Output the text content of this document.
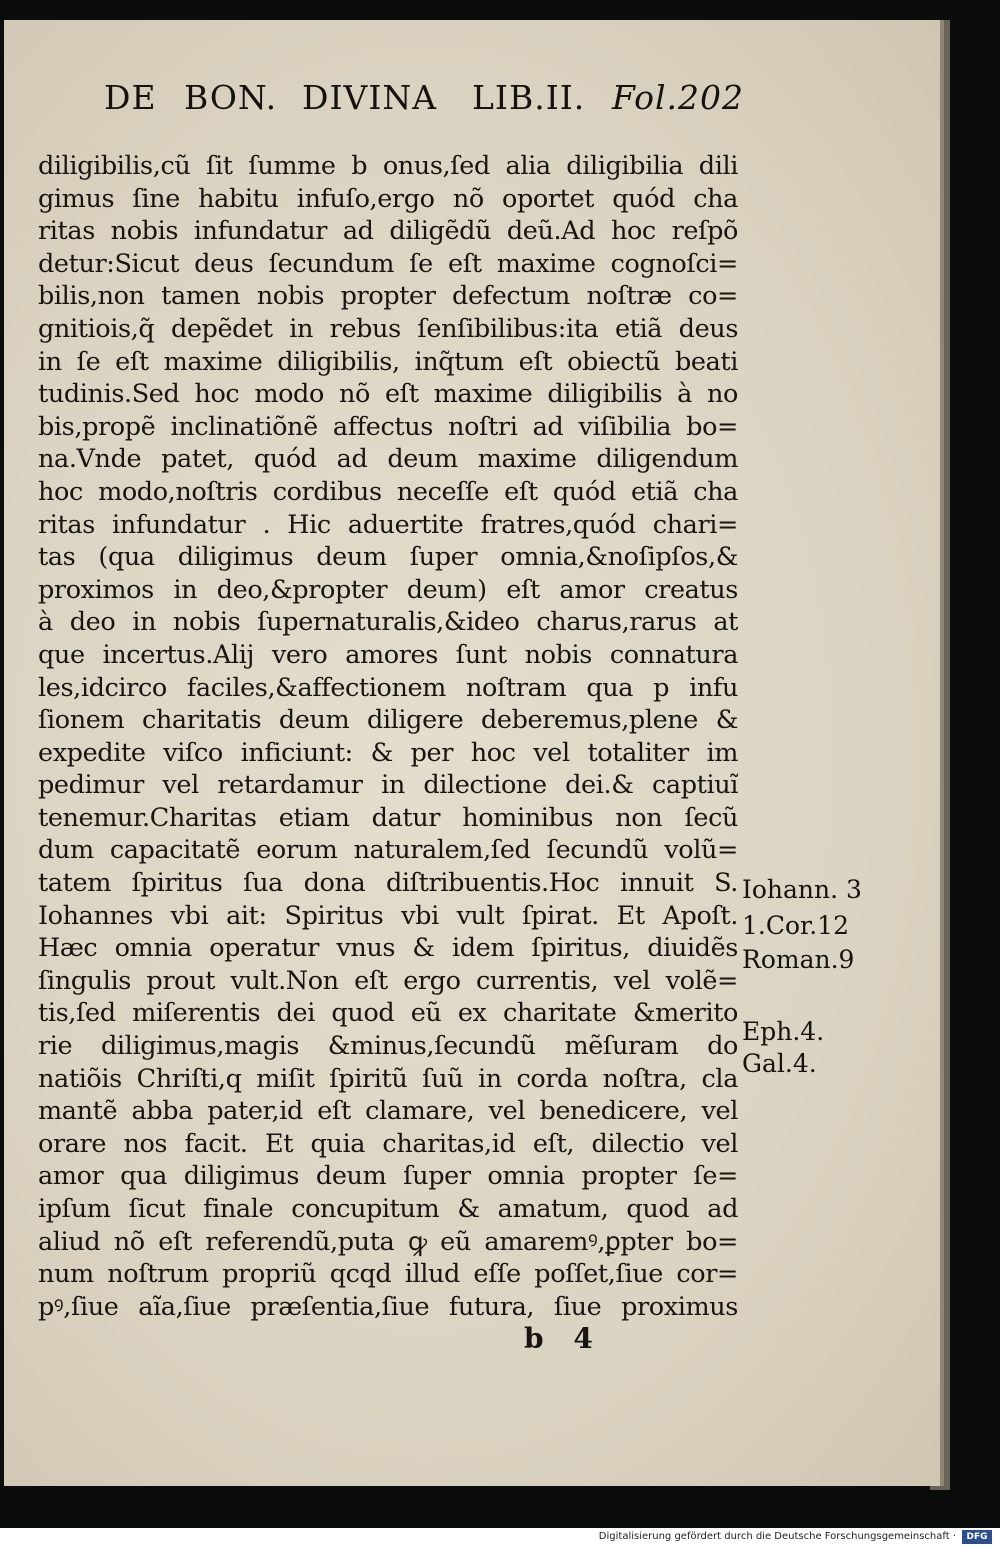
DE BON. DIVINA LIB.II. Fol.202
diligibilis,cũ ſit ſumme b onus,ſed alia diligibilia dili
gimus ſine habitu infuſo,ergo nõ oportet quód cha
ritas nobis infundatur ad diligẽdũ deũ.Ad hoc reſpõ
detur:Sicut deus ſecundum ſe eſt maxime cognoſci=
bilis,non tamen nobis propter defectum noſtræ co=
gnitiois,q̃ depẽdet in rebus ſenſibilibus:ita etiã deus
in ſe eſt maxime diligibilis, inq̃tum eſt obiectũ beati
tudinis.Sed hoc modo nõ eſt maxime diligibilis à no
bis,propẽ inclinatiõnẽ affectus noſtri ad viſibilia bo=
na.Vnde patet, quód ad deum maxime diligendum
hoc modo,noſtris cordibus neceſſe eſt quód etiã cha
ritas infundatur . Hic aduertite fratres,quód chari=
tas (qua diligimus deum ſuper omnia,&noſipſos,&
proximos in deo,&propter deum) eſt amor creatus
à deo in nobis ſupernaturalis,&ideo charus,rarus at
que incertus.Alij vero amores ſunt nobis connatura
les,idcirco faciles,&affectionem noſtram qua p infu
ſionem charitatis deum diligere deberemus,plene &
expedite viſco inficiunt: & per hoc vel totaliter im
pedimur vel retardamur in dilectione dei.& captiuĩ
tenemur.Charitas etiam datur hominibus non ſecũ
dum capacitatẽ eorum naturalem,ſed ſecundũ volũ=
tatem ſpiritus ſua dona diſtribuentis.Hoc innuit S.
Iohannes vbi ait: Spiritus vbi vult ſpirat. Et Apoſt.
Hæc omnia operatur vnus & idem ſpiritus, diuidẽs
ſingulis prout vult.Non eſt ergo currentis, vel volẽ=
tis,ſed miſerentis dei quod eũ ex charitate &merito
rie diligimus,magis &minus,ſecundũ mẽſuram do
natiõis Chriſti,q miſit ſpiritũ ſuũ in corda noſtra, cla
mantẽ abba pater,id eſt clamare, vel benedicere, vel
orare nos facit. Et quia charitas,id eſt, dilectio vel
amor qua diligimus deum ſuper omnia propter ſe=
ipſum ſicut finale concupitum & amatum, quod ad
aliud nõ eſt referendũ,puta ꝙ eũ amaremꝰ,ꝑpter bo=
num noſtrum propriũ qcqd illud eſſe poſſet,ſiue cor=
pꝰ,ſiue aĩa,ſiue præſentia,ſiue futura, ſiue proximus
Iohann. 3
1.Cor.12
Roman.9
Eph.4.
Gal.4.
b 4
Digitalisierung gefördert durch die Deutsche Forschungsgemeinschaft ·	DFG
